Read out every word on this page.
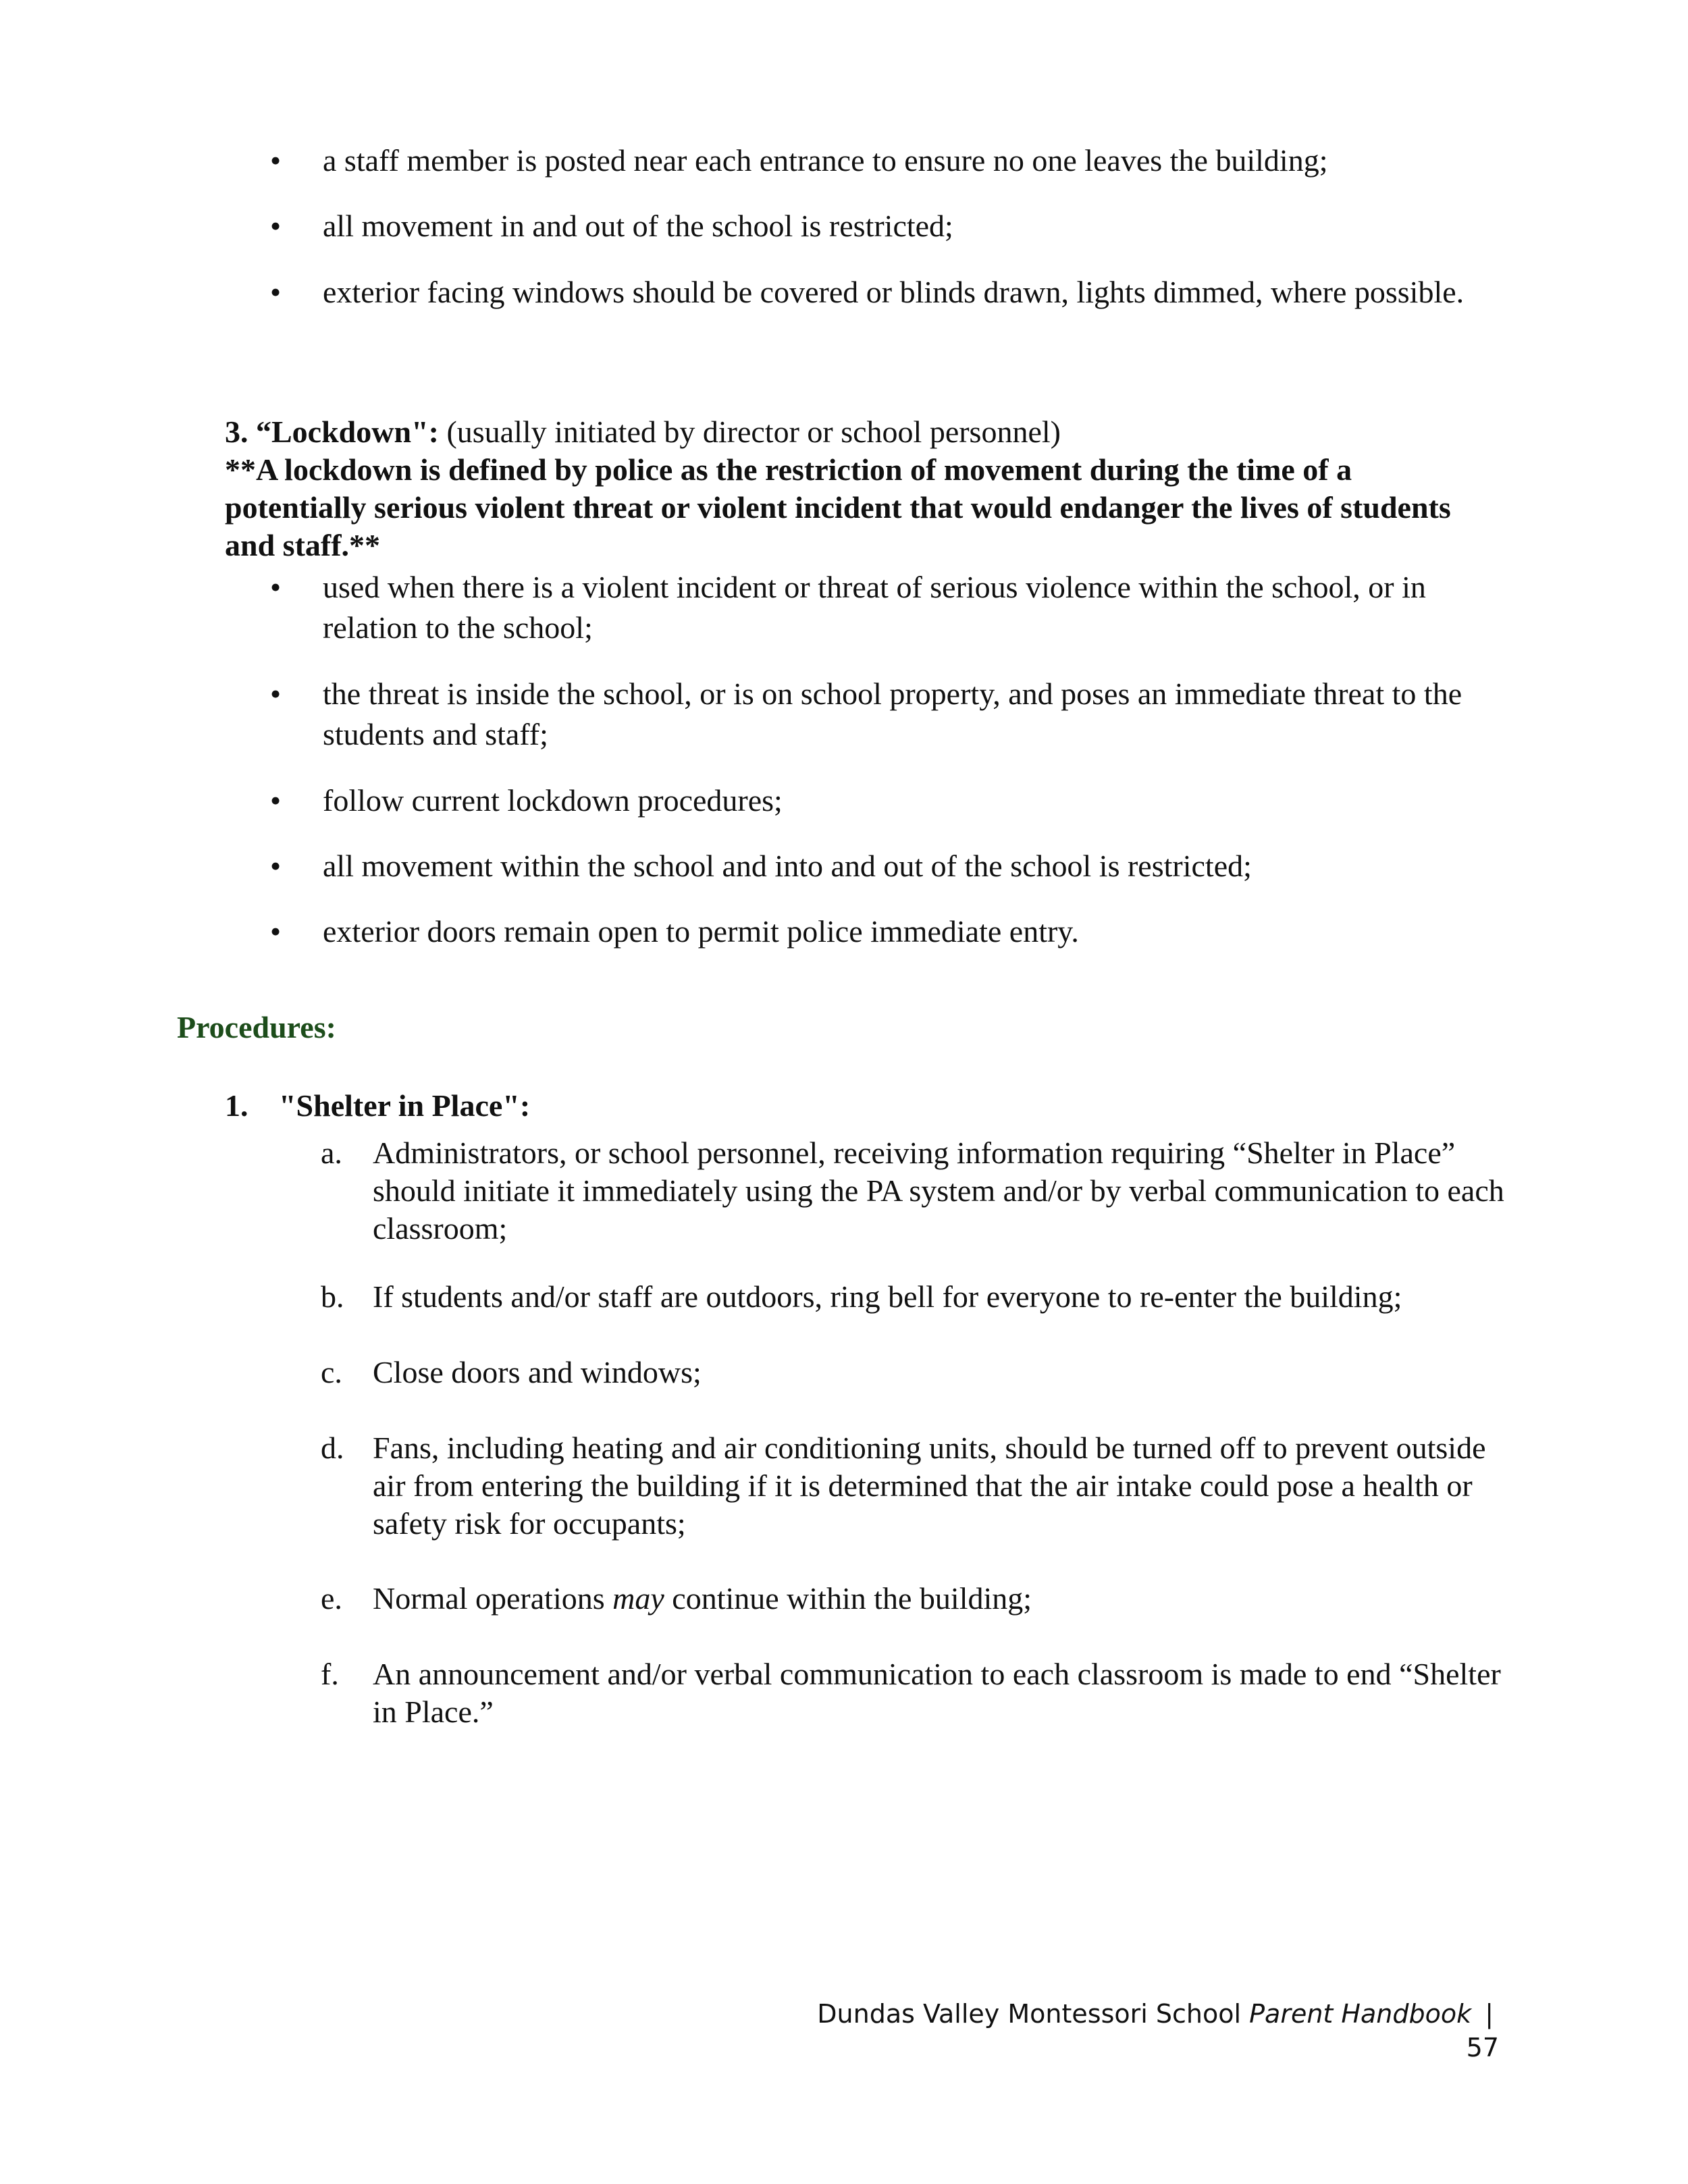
•	a staff member is posted near each entrance to ensure no one leaves the building;
•	all movement in and out of the school is restricted;
•	exterior facing windows should be covered or blinds drawn, lights dimmed, where possible.
3. “Lockdown": (usually initiated by director or school personnel)
**A lockdown is defined by police as the restriction of movement during the time of a potentially serious violent threat or violent incident that would endanger the lives of students and staff.**
•	used when there is a violent incident or threat of serious violence within the school, or in relation to the school;
•	the threat is inside the school, or is on school property, and poses an immediate threat to the students and staff;
•	follow current lockdown procedures;
•	all movement within the school and into and out of the school is restricted;
•	exterior doors remain open to permit police immediate entry.
Procedures:
1. "Shelter in Place":
a. Administrators, or school personnel, receiving information requiring “Shelter in Place” should initiate it immediately using the PA system and/or by verbal communication to each classroom;
b. If students and/or staff are outdoors, ring bell for everyone to re-enter the building;
c. Close doors and windows;
d. Fans, including heating and air conditioning units, should be turned off to prevent outside air from entering the building if it is determined that the air intake could pose a health or safety risk for occupants;
e. Normal operations may continue within the building;
f.	An announcement and/or verbal communication to each classroom is made to end “Shelter in Place.”
Dundas Valley Montessori School Parent Handbook | 57
